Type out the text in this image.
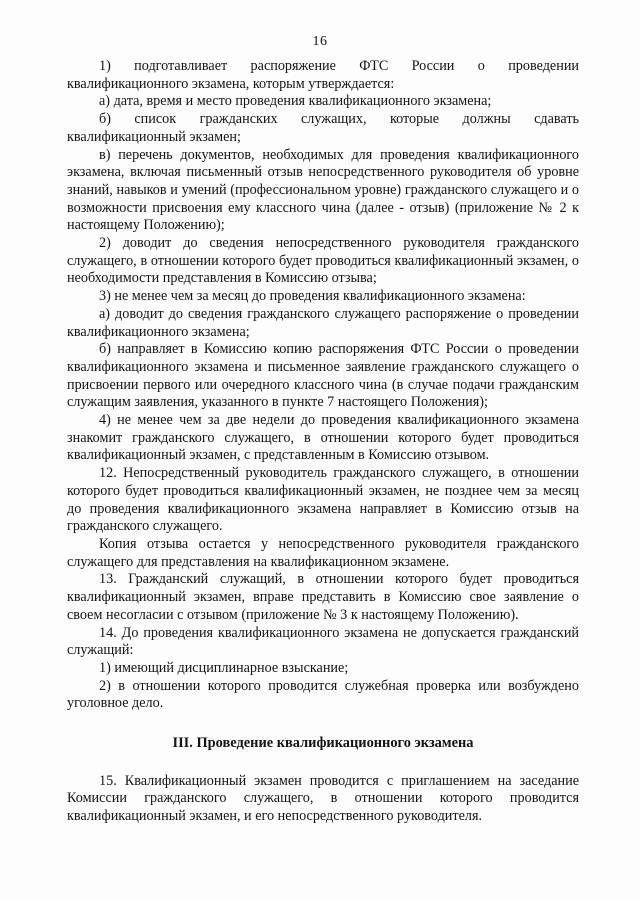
16

1) подготавливает распоряжение ФТС России о проведении квалификационного экзамена, которым утверждается:

а) дата, время и место проведения квалификационного экзамена;

б) список гражданских служащих, которые должны сдавать квалификационный экзамен;

в) перечень документов, необходимых для проведения квалификационного экзамена, включая письменный отзыв непосредственного руководителя об уровне знаний, навыков и умений (профессиональном уровне) гражданского служащего и о возможности присвоения ему классного чина (далее - отзыв) (приложение № 2 к настоящему Положению);

2) доводит до сведения непосредственного руководителя гражданского служащего, в отношении которого будет проводиться квалификационный экзамен, о необходимости представления в Комиссию отзыва;

3) не менее чем за месяц до проведения квалификационного экзамена:

а) доводит до сведения гражданского служащего распоряжение о проведении квалификационного экзамена;

б) направляет в Комиссию копию распоряжения ФТС России о проведении квалификационного экзамена и письменное заявление гражданского служащего о присвоении первого или очередного классного чина (в случае подачи гражданским служащим заявления, указанного в пункте 7 настоящего Положения);

4) не менее чем за две недели до проведения квалификационного экзамена знакомит гражданского служащего, в отношении которого будет проводиться квалификационный экзамен, с представленным в Комиссию отзывом.

12. Непосредственный руководитель гражданского служащего, в отношении которого будет проводиться квалификационный экзамен, не позднее чем за месяц до проведения квалификационного экзамена направляет в Комиссию отзыв на гражданского служащего.

Копия отзыва остается у непосредственного руководителя гражданского служащего для представления на квалификационном экзамене.

13. Гражданский служащий, в отношении которого будет проводиться квалификационный экзамен, вправе представить в Комиссию свое заявление о своем несогласии с отзывом (приложение № 3 к настоящему Положению).

14. До проведения квалификационного экзамена не допускается гражданский служащий:

1) имеющий дисциплинарное взыскание;

2) в отношении которого проводится служебная проверка или возбуждено уголовное дело.

III. Проведение квалификационного экзамена

15. Квалификационный экзамен проводится с приглашением на заседание Комиссии гражданского служащего, в отношении которого проводится квалификационный экзамен, и его непосредственного руководителя.
